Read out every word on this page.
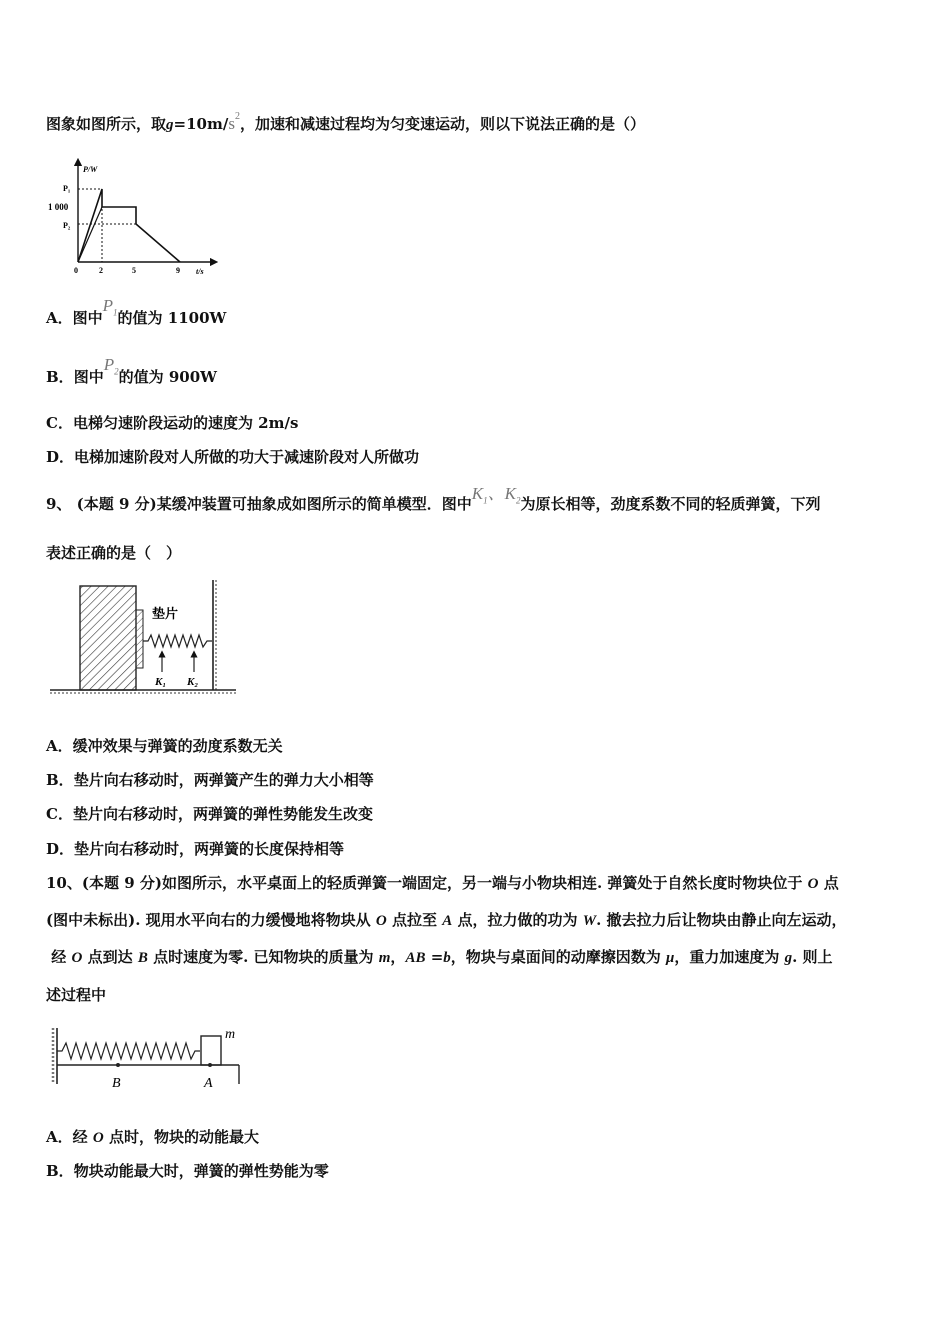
图象如图所示，取$g=10m/s^2$，加速和减速过程均为匀变速运动，则以下说法正确的是（）
P/W
t/s
P₁
1 000
P₂
0	2	5	9
A．图中$P_1$的值为 1100W
B．图中$P_2$的值为 900W
C．电梯匀速阶段运动的速度为 2m/s
D．电梯加速阶段对人所做的功大于减速阶段对人所做功
9、 (本题 9 分)某缓冲装置可抽象成如图所示的简单模型．图中$K_1$、$K_2$为原长相等，劲度系数不同的轻质弹簧，下列
表述正确的是（　）
垫片
K₁ K₂
A．缓冲效果与弹簧的劲度系数无关
B．垫片向右移动时，两弹簧产生的弹力大小相等
C．垫片向右移动时，两弹簧的弹性势能发生改变
D．垫片向右移动时，两弹簧的长度保持相等
10、(本题 9 分)如图所示，水平桌面上的轻质弹簧一端固定，另一端与小物块相连. 弹簧处于自然长度时物块位于 O 点
(图中未标出). 现用水平向右的力缓慢地将物块从 O 点拉至 A 点，拉力做的功为 W. 撤去拉力后让物块由静止向左运动，
经 O 点到达 B 点时速度为零. 已知物块的质量为 m，AB =b，物块与桌面间的动摩擦因数为 μ，重力加速度为 g. 则上
述过程中
m
B	A
A．经 O 点时，物块的动能最大
B．物块动能最大时，弹簧的弹性势能为零
